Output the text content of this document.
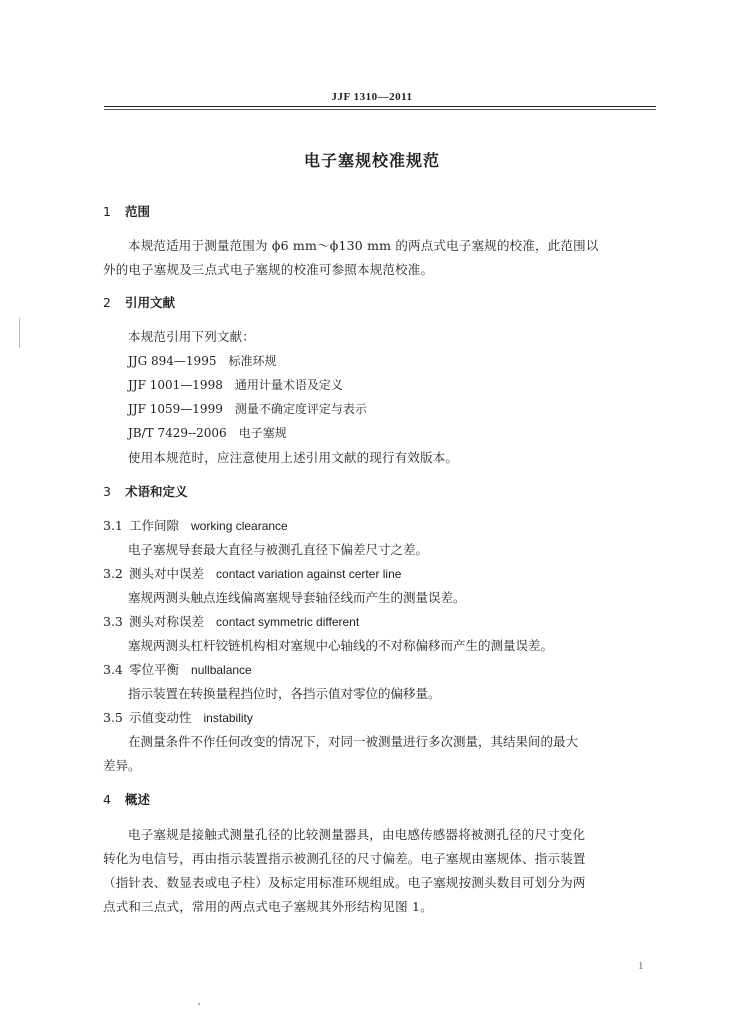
JJF 1310—2011
电子塞规校准规范
1 范围
本规范适用于测量范围为 ϕ6 mm～ϕ130 mm 的两点式电子塞规的校准，此范围以
外的电子塞规及三点式电子塞规的校准可参照本规范校准。
2 引用文献
本规范引用下列文献：
JJG 894—1995 标准环规
JJF 1001—1998 通用计量术语及定义
JJF 1059—1999 测量不确定度评定与表示
JB/T 7429--2006 电子塞规
使用本规范时，应注意使用上述引用文献的现行有效版本。
3 术语和定义
3.1 工作间隙 working clearance
电子塞规导套最大直径与被测孔直径下偏差尺寸之差。
3.2 测头对中误差 contact variation against certer line
塞规两测头触点连线偏离塞规导套轴径线而产生的测量误差。
3.3 测头对称误差 contact symmetric different
塞规两测头杠杆铰链机构相对塞规中心轴线的不对称偏移而产生的测量误差。
3.4 零位平衡 nullbalance
指示装置在转换量程挡位时，各挡示值对零位的偏移量。
3.5 示值变动性 instability
在测量条件不作任何改变的情况下，对同一被测量进行多次测量，其结果间的最大
差异。
4 概述
电子塞规是接触式测量孔径的比较测量器具，由电感传感器将被测孔径的尺寸变化
转化为电信号，再由指示装置指示被测孔径的尺寸偏差。电子塞规由塞规体、指示装置
（指针表、数显表或电子柱）及标定用标准环规组成。电子塞规按测头数目可划分为两
点式和三点式，常用的两点式电子塞规其外形结构见图 1。
1
